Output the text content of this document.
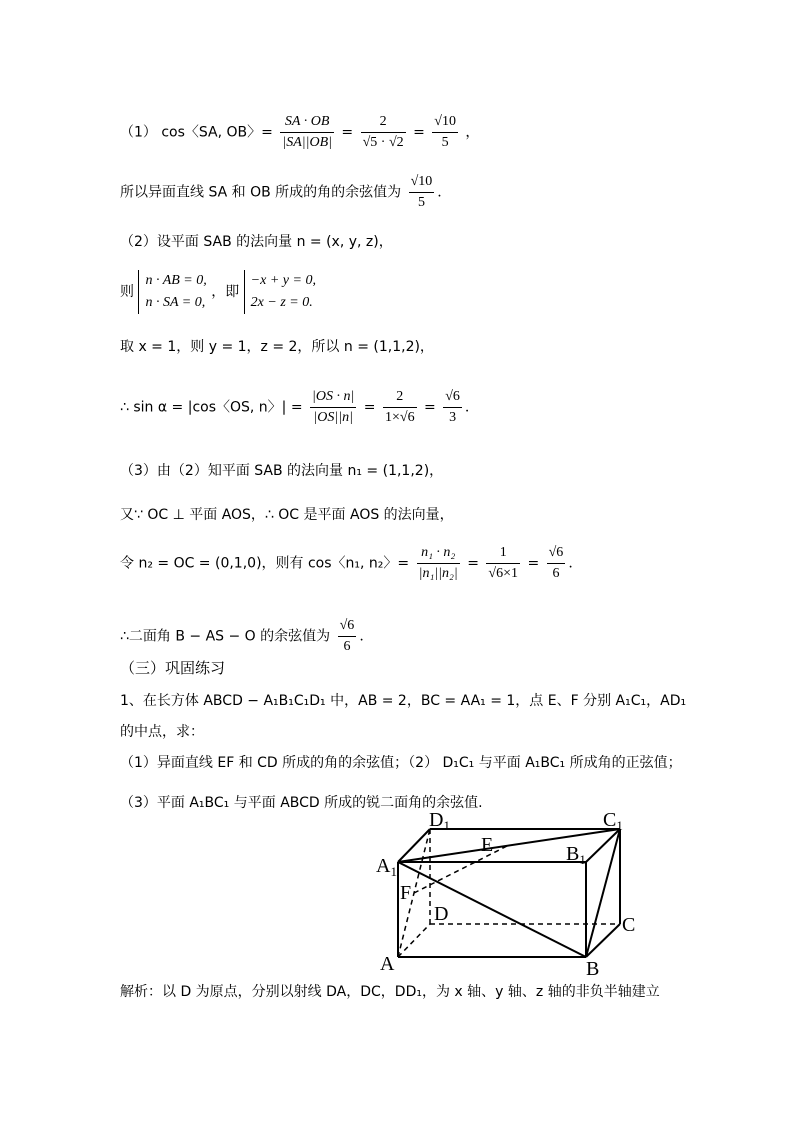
（1） cos〈SA, OB〉= $\frac{SA \cdot OB}{|SA||OB|} = \frac{2}{√5 \cdot √2} = \frac{√10}{5}$ ，
所以异面直线 SA 和 OB 所成的角的余弦值为 $\frac{√10}{5}$ .
（2）设平面 SAB 的法向量 n = (x, y, z)，
则
n · AB = 0,
n · SA = 0,
，即
−x + y = 0,
2x − z = 0.
取 x = 1，则 y = 1，z = 2，所以 n = (1,1,2)，
∴ sin α = |cos〈OS, n〉| = $\frac{|OS \cdot n|}{|OS||n|} = \frac{2}{1\times√6} = \frac{√6}{3}$ .
（3）由（2）知平面 SAB 的法向量 n₁ = (1,1,2)，
又∵ OC ⊥ 平面 AOS，∴ OC 是平面 AOS 的法向量，
令 n₂ = OC = (0,1,0)，则有 cos〈n₁, n₂〉= $\frac{\text{n₁ · n₂}}{\text{|n₁||n₂|}} = \frac{1}{√6\times 1} = \frac{√6}{6}$ .
∴二面角 B − AS − O 的余弦值为 $\frac{√6}{6}$ .
（三）巩固练习
1、在长方体 ABCD − A₁B₁C₁D₁ 中，AB = 2，BC = AA₁ = 1，点 E、F 分别 A₁C₁，AD₁
的中点，求：
（1）异面直线 EF 和 CD 所成的角的余弦值；（2） D₁C₁ 与平面 A₁BC₁ 所成角的正弦值；
（3）平面 A₁BC₁ 与平面 ABCD 所成的锐二面角的余弦值.
$A_1$
$D_1$	$C_1$
$B_1$
E
F
D	C
A	B
解析：以 D 为原点，分别以射线 DA，DC，DD₁，为 x 轴、y 轴、z 轴的非负半轴建立
